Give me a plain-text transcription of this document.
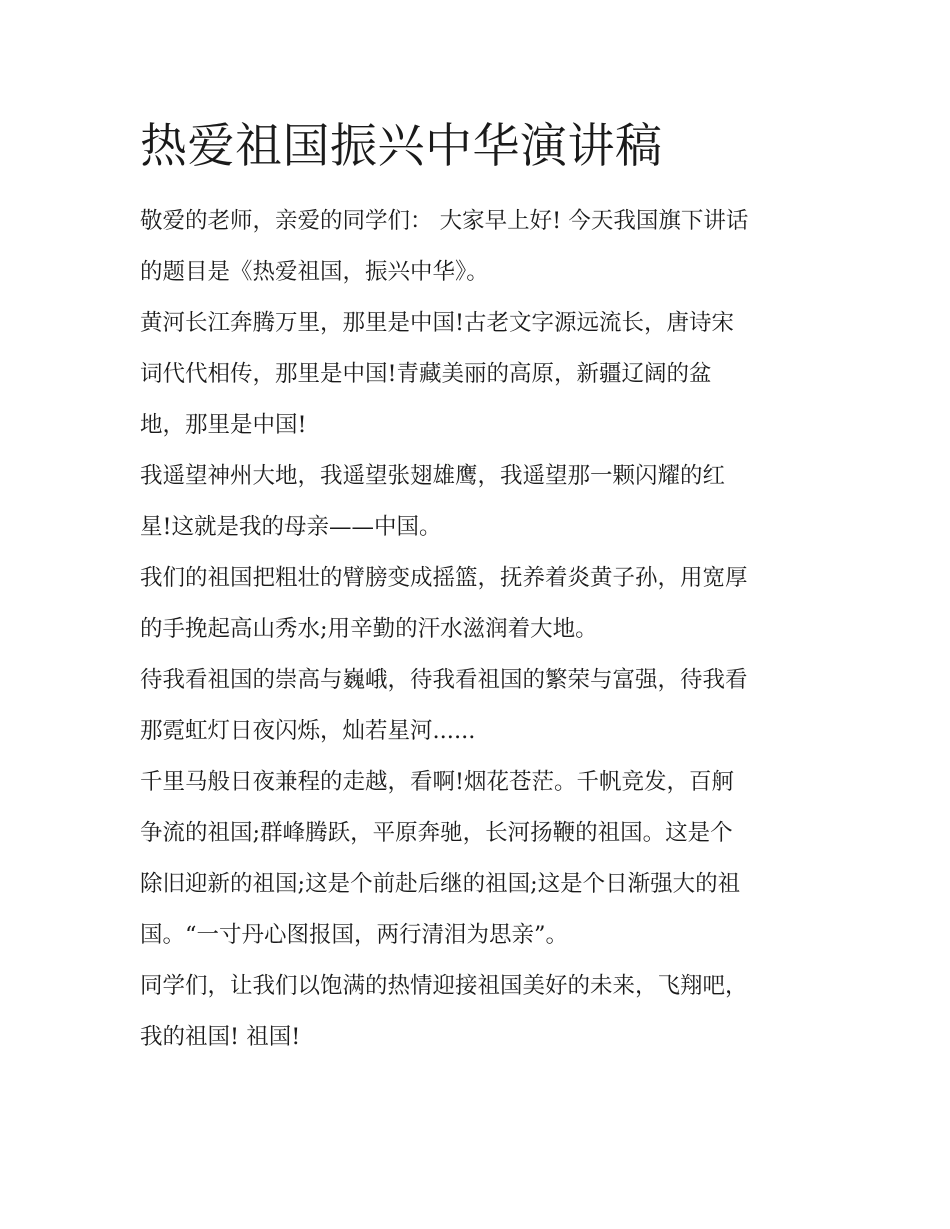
热爱祖国振兴中华演讲稿
敬爱的老师，亲爱的同学们： 大家早上好! 今天我国旗下讲话
的题目是《热爱祖国，振兴中华》。
黄河长江奔腾万里，那里是中国!古老文字源远流长，唐诗宋
词代代相传，那里是中国!青藏美丽的高原，新疆辽阔的盆
地，那里是中国!
我遥望神州大地，我遥望张翅雄鹰，我遥望那一颗闪耀的红
星!这就是我的母亲——中国。
我们的祖国把粗壮的臂膀变成摇篮，抚养着炎黄子孙，用宽厚
的手挽起高山秀水;用辛勤的汗水滋润着大地。
待我看祖国的崇高与巍峨，待我看祖国的繁荣与富强，待我看
那霓虹灯日夜闪烁，灿若星河......
千里马般日夜兼程的走越，看啊!烟花苍茫。千帆竞发，百舸
争流的祖国;群峰腾跃，平原奔驰，长河扬鞭的祖国。这是个
除旧迎新的祖国;这是个前赴后继的祖国;这是个日渐强大的祖
国。“一寸丹心图报国，两行清泪为思亲”。
同学们，让我们以饱满的热情迎接祖国美好的未来，飞翔吧，
我的祖国! 祖国!
